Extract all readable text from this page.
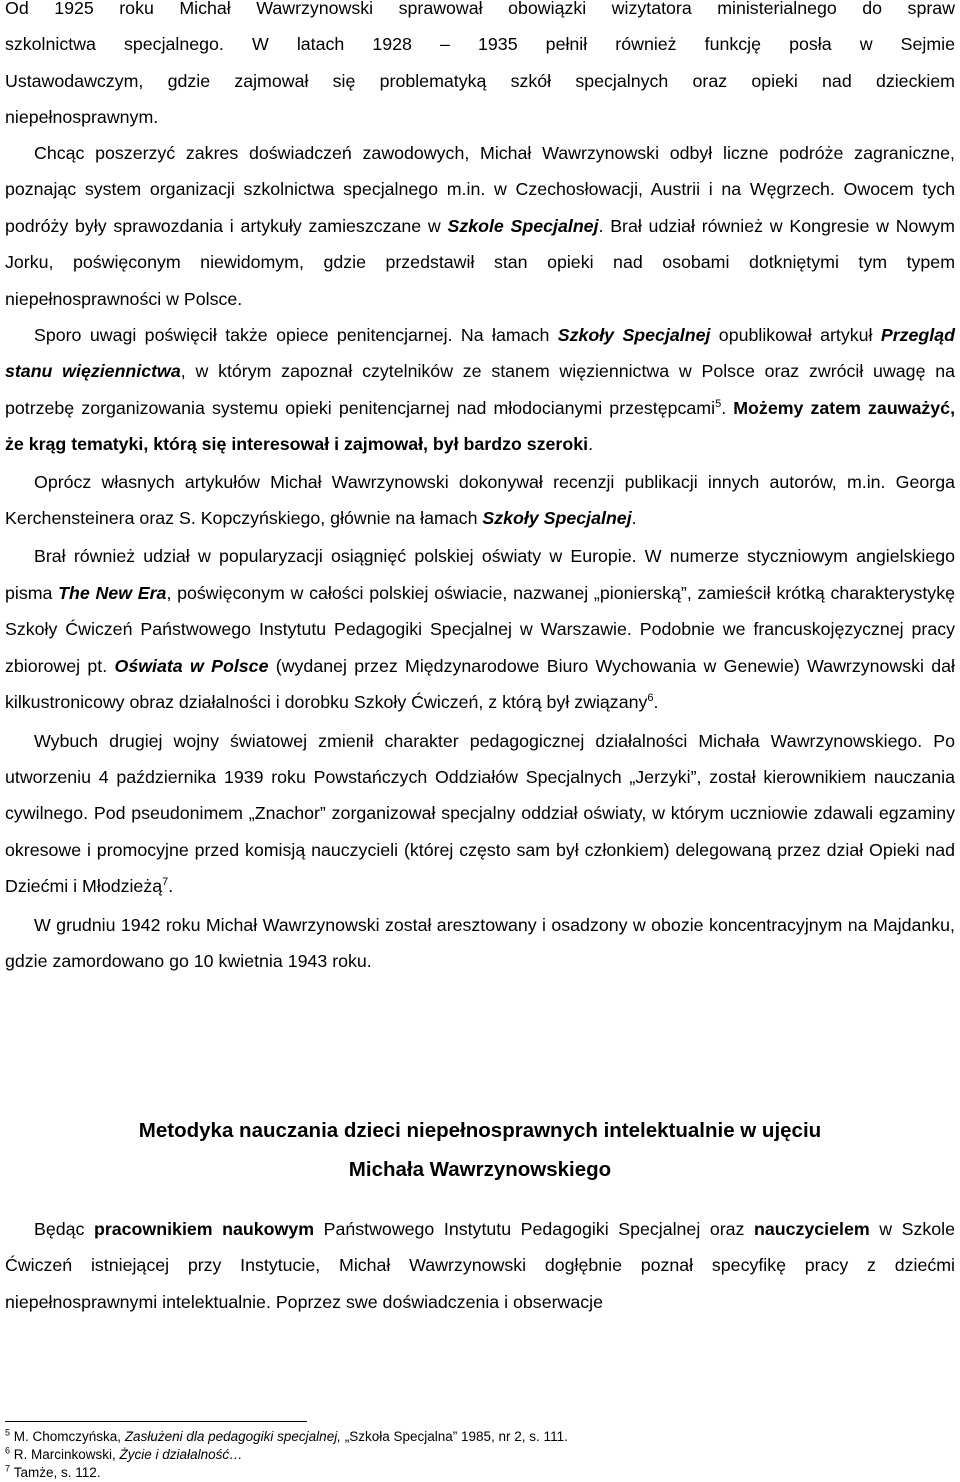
Od 1925 roku Michał Wawrzynowski sprawował obowiązki wizytatora ministerialnego do spraw

szkolnictwa specjalnego. W latach 1928 – 1935 pełnił również funkcję posła w Sejmie

Ustawodawczym, gdzie zajmował się problematyką szkół specjalnych oraz opieki nad dzieckiem

niepełnosprawnym.

Chcąc poszerzyć zakres doświadczeń zawodowych, Michał Wawrzynowski odbył liczne podróże zagraniczne, poznając system organizacji szkolnictwa specjalnego m.in. w Czechosłowacji, Austrii i na Węgrzech. Owocem tych podróży były sprawozdania i artykuły zamieszczane w Szkole Specjalnej. Brał udział również w Kongresie w Nowym Jorku, poświęconym niewidomym, gdzie przedstawił stan opieki nad osobami dotkniętymi tym typem niepełnosprawności w Polsce.

Sporo uwagi poświęcił także opiece penitencjarnej. Na łamach Szkoły Specjalnej opublikował artykuł Przegląd stanu więziennictwa, w którym zapoznał czytelników ze stanem więziennictwa w Polsce oraz zwrócił uwagę na potrzebę zorganizowania systemu opieki penitencjarnej nad młodocianymi przestępcami$^5$. Możemy zatem zauważyć, że krąg tematyki, którą się interesował i zajmował, był bardzo szeroki.

Oprócz własnych artykułów Michał Wawrzynowski dokonywał recenzji publikacji innych autorów, m.in. Georga Kerchensteinera oraz S. Kopczyńskiego, głównie na łamach Szkoły Specjalnej.

Brał również udział w popularyzacji osiągnięć polskiej oświaty w Europie. W numerze styczniowym angielskiego pisma The New Era, poświęconym w całości polskiej oświacie, nazwanej „pionierską”, zamieścił krótką charakterystykę Szkoły Ćwiczeń Państwowego Instytutu Pedagogiki Specjalnej w Warszawie. Podobnie we francuskojęzycznej pracy zbiorowej pt. Oświata w Polsce (wydanej przez Międzynarodowe Biuro Wychowania w Genewie) Wawrzynowski dał kilkustronicowy obraz działalności i dorobku Szkoły Ćwiczeń, z którą był związany$^6$.

Wybuch drugiej wojny światowej zmienił charakter pedagogicznej działalności Michała Wawrzynowskiego. Po utworzeniu 4 października 1939 roku Powstańczych Oddziałów Specjalnych „Jerzyki”, został kierownikiem nauczania cywilnego. Pod pseudonimem „Znachor” zorganizował specjalny oddział oświaty, w którym uczniowie zdawali egzaminy okresowe i promocyjne przed komisją nauczycieli (której często sam był członkiem) delegowaną przez dział Opieki nad Dziećmi i Młodzieżą$^7$.

W grudniu 1942 roku Michał Wawrzynowski został aresztowany i osadzony w obozie koncentracyjnym na Majdanku, gdzie zamordowano go 10 kwietnia 1943 roku.

Metodyka nauczania dzieci niepełnosprawnych intelektualnie w ujęciu

Michała Wawrzynowskiego

Będąc pracownikiem naukowym Państwowego Instytutu Pedagogiki Specjalnej oraz nauczycielem w Szkole Ćwiczeń istniejącej przy Instytucie, Michał Wawrzynowski dogłębnie poznał specyfikę pracy z dziećmi niepełnosprawnymi intelektualnie. Poprzez swe doświadczenia i obserwacje

$^5$ M. Chomczyńska, Zasłużeni dla pedagogiki specjalnej, „Szkoła Specjalna” 1985, nr 2, s. 111.
$^6$ R. Marcinkowski, Życie i działalność…
$^7$ Tamże, s. 112.
